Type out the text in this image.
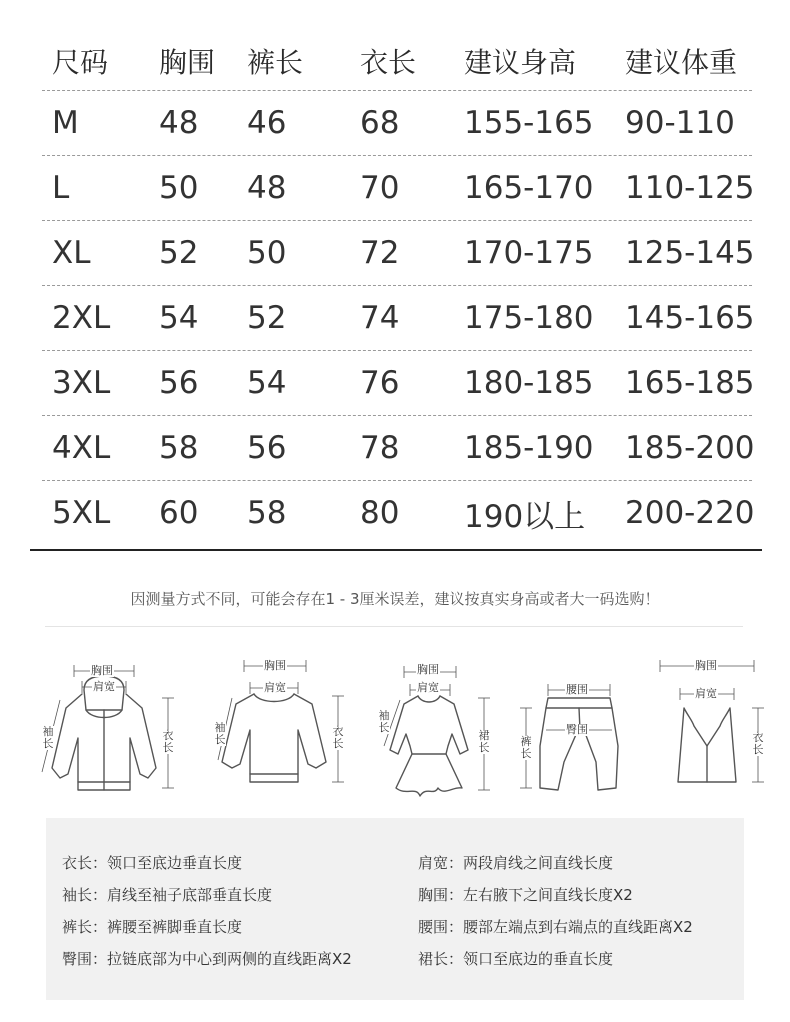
尺码 胸围 裤长 衣长 建议身高 建议体重
M	48 46 68 155-165 90-110
L	50 48 70 165-170 110-125
XL 52 50 72 170-175 125-145
2XL 54 52 74 175-180 145-165
3XL 56 54 76 180-185 165-185
4XL 58 56 78 185-190 185-200
5XL 60 58 80 190以上 200-220
因测量方式不同，可能会存在1 - 3厘米误差，建议按真实身高或者大一码选购！
胸围
肩宽
袖长
衣长
胸围
肩宽
袖长
衣长
胸围
肩宽
袖长
裙长
腰围
臀围
裤长
胸围
肩宽
衣长
衣长：领口至底边垂直长度
袖长：肩线至袖子底部垂直长度
裤长：裤腰至裤脚垂直长度
臀围：拉链底部为中心到两侧的直线距离X2
肩宽：两段肩线之间直线长度
胸围：左右腋下之间直线长度X2
腰围：腰部左端点到右端点的直线距离X2
裙长：领口至底边的垂直长度
